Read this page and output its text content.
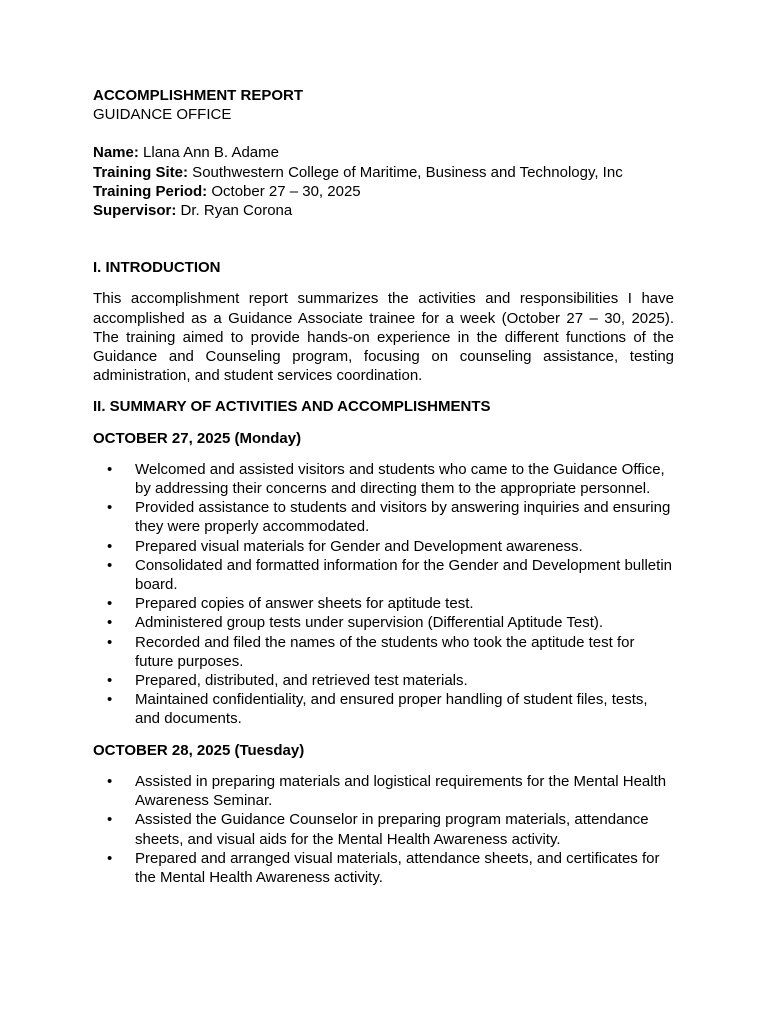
ACCOMPLISHMENT REPORT

GUIDANCE OFFICE

Name: Llana Ann B. Adame

Training Site: Southwestern College of Maritime, Business and Technology, Inc

Training Period: October 27 – 30, 2025

Supervisor: Dr. Ryan Corona

I. INTRODUCTION

This accomplishment report summarizes the activities and responsibilities I have accomplished as a Guidance Associate trainee for a week (October 27 – 30, 2025). The training aimed to provide hands-on experience in the different functions of the Guidance and Counseling program, focusing on counseling assistance, testing administration, and student services coordination.

II. SUMMARY OF ACTIVITIES AND ACCOMPLISHMENTS

OCTOBER 27, 2025 (Monday)

• Welcomed and assisted visitors and students who came to the Guidance Office, by addressing their concerns and directing them to the appropriate personnel.
• Provided assistance to students and visitors by answering inquiries and ensuring they were properly accommodated.
• Prepared visual materials for Gender and Development awareness.
• Consolidated and formatted information for the Gender and Development bulletin board.
• Prepared copies of answer sheets for aptitude test.
• Administered group tests under supervision (Differential Aptitude Test).
• Recorded and filed the names of the students who took the aptitude test for future purposes.
• Prepared, distributed, and retrieved test materials.
• Maintained confidentiality, and ensured proper handling of student files, tests, and documents.

OCTOBER 28, 2025 (Tuesday)

• Assisted in preparing materials and logistical requirements for the Mental Health Awareness Seminar.
• Assisted the Guidance Counselor in preparing program materials, attendance sheets, and visual aids for the Mental Health Awareness activity.
• Prepared and arranged visual materials, attendance sheets, and certificates for the Mental Health Awareness activity.
